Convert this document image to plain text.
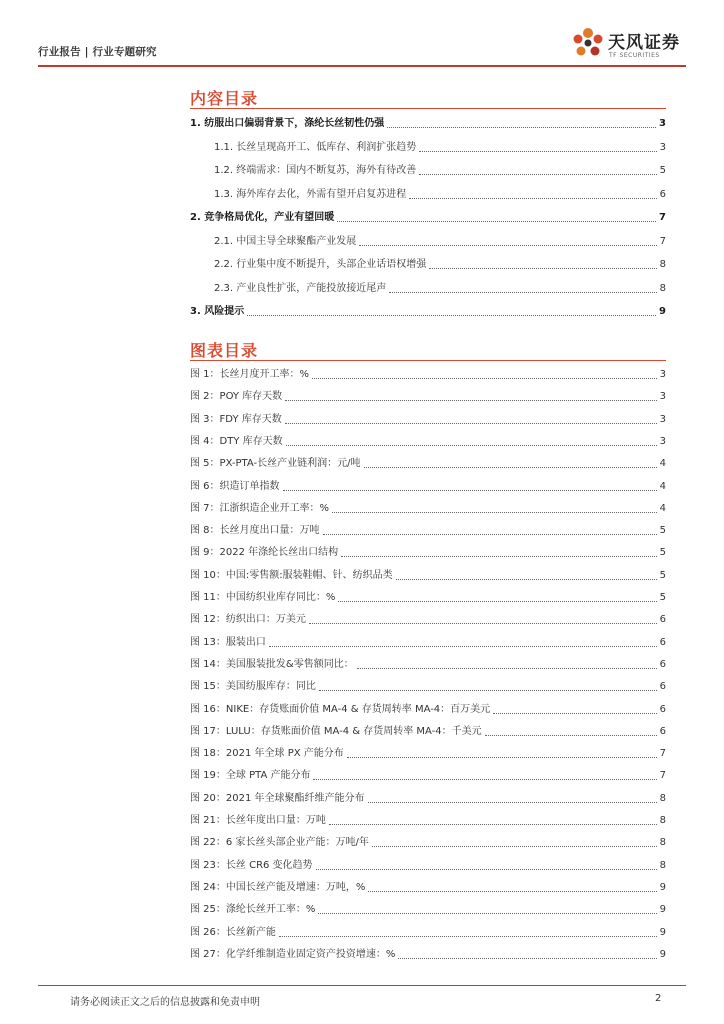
行业报告 | 行业专题研究	天风证券
TF SECURITIES
内容目录
1. 纺服出口偏弱背景下，涤纶长丝韧性仍强	3
1.1. 长丝呈现高开工、低库存、利润扩张趋势	3
1.2. 终端需求：国内不断复苏，海外有待改善	5
1.3. 海外库存去化，外需有望开启复苏进程	6
2. 竞争格局优化，产业有望回暖	7
2.1. 中国主导全球聚酯产业发展	7
2.2. 行业集中度不断提升，头部企业话语权增强	8
2.3. 产业良性扩张，产能投放接近尾声	8
3. 风险提示	9
图表目录
图 1：长丝月度开工率：%	3
图 2：POY 库存天数	3
图 3：FDY 库存天数	3
图 4：DTY 库存天数	3
图 5：PX-PTA-长丝产业链利润：元/吨	4
图 6：织造订单指数	4
图 7：江浙织造企业开工率：%	4
图 8：长丝月度出口量：万吨	5
图 9：2022 年涤纶长丝出口结构	5
图 10：中国:零售额:服装鞋帽、针、纺织品类	5
图 11：中国纺织业库存同比：%	5
图 12：纺织出口：万美元	6
图 13：服装出口	6
图 14：美国服装批发&零售额同比：	6
图 15：美国纺服库存：同比	6
图 16：NIKE：存货账面价值 MA-4 & 存货周转率 MA-4：百万美元	6
图 17：LULU：存货账面价值 MA-4 & 存货周转率 MA-4：千美元	6
图 18：2021 年全球 PX 产能分布	7
图 19：全球 PTA 产能分布	7
图 20：2021 年全球聚酯纤维产能分布	8
图 21：长丝年度出口量：万吨	8
图 22：6 家长丝头部企业产能：万吨/年	8
图 23：长丝 CR6 变化趋势	8
图 24：中国长丝产能及增速：万吨，%	9
图 25：涤纶长丝开工率：%	9
图 26：长丝新产能	9
图 27：化学纤维制造业固定资产投资增速：%	9
请务必阅读正文之后的信息披露和免责申明	2
